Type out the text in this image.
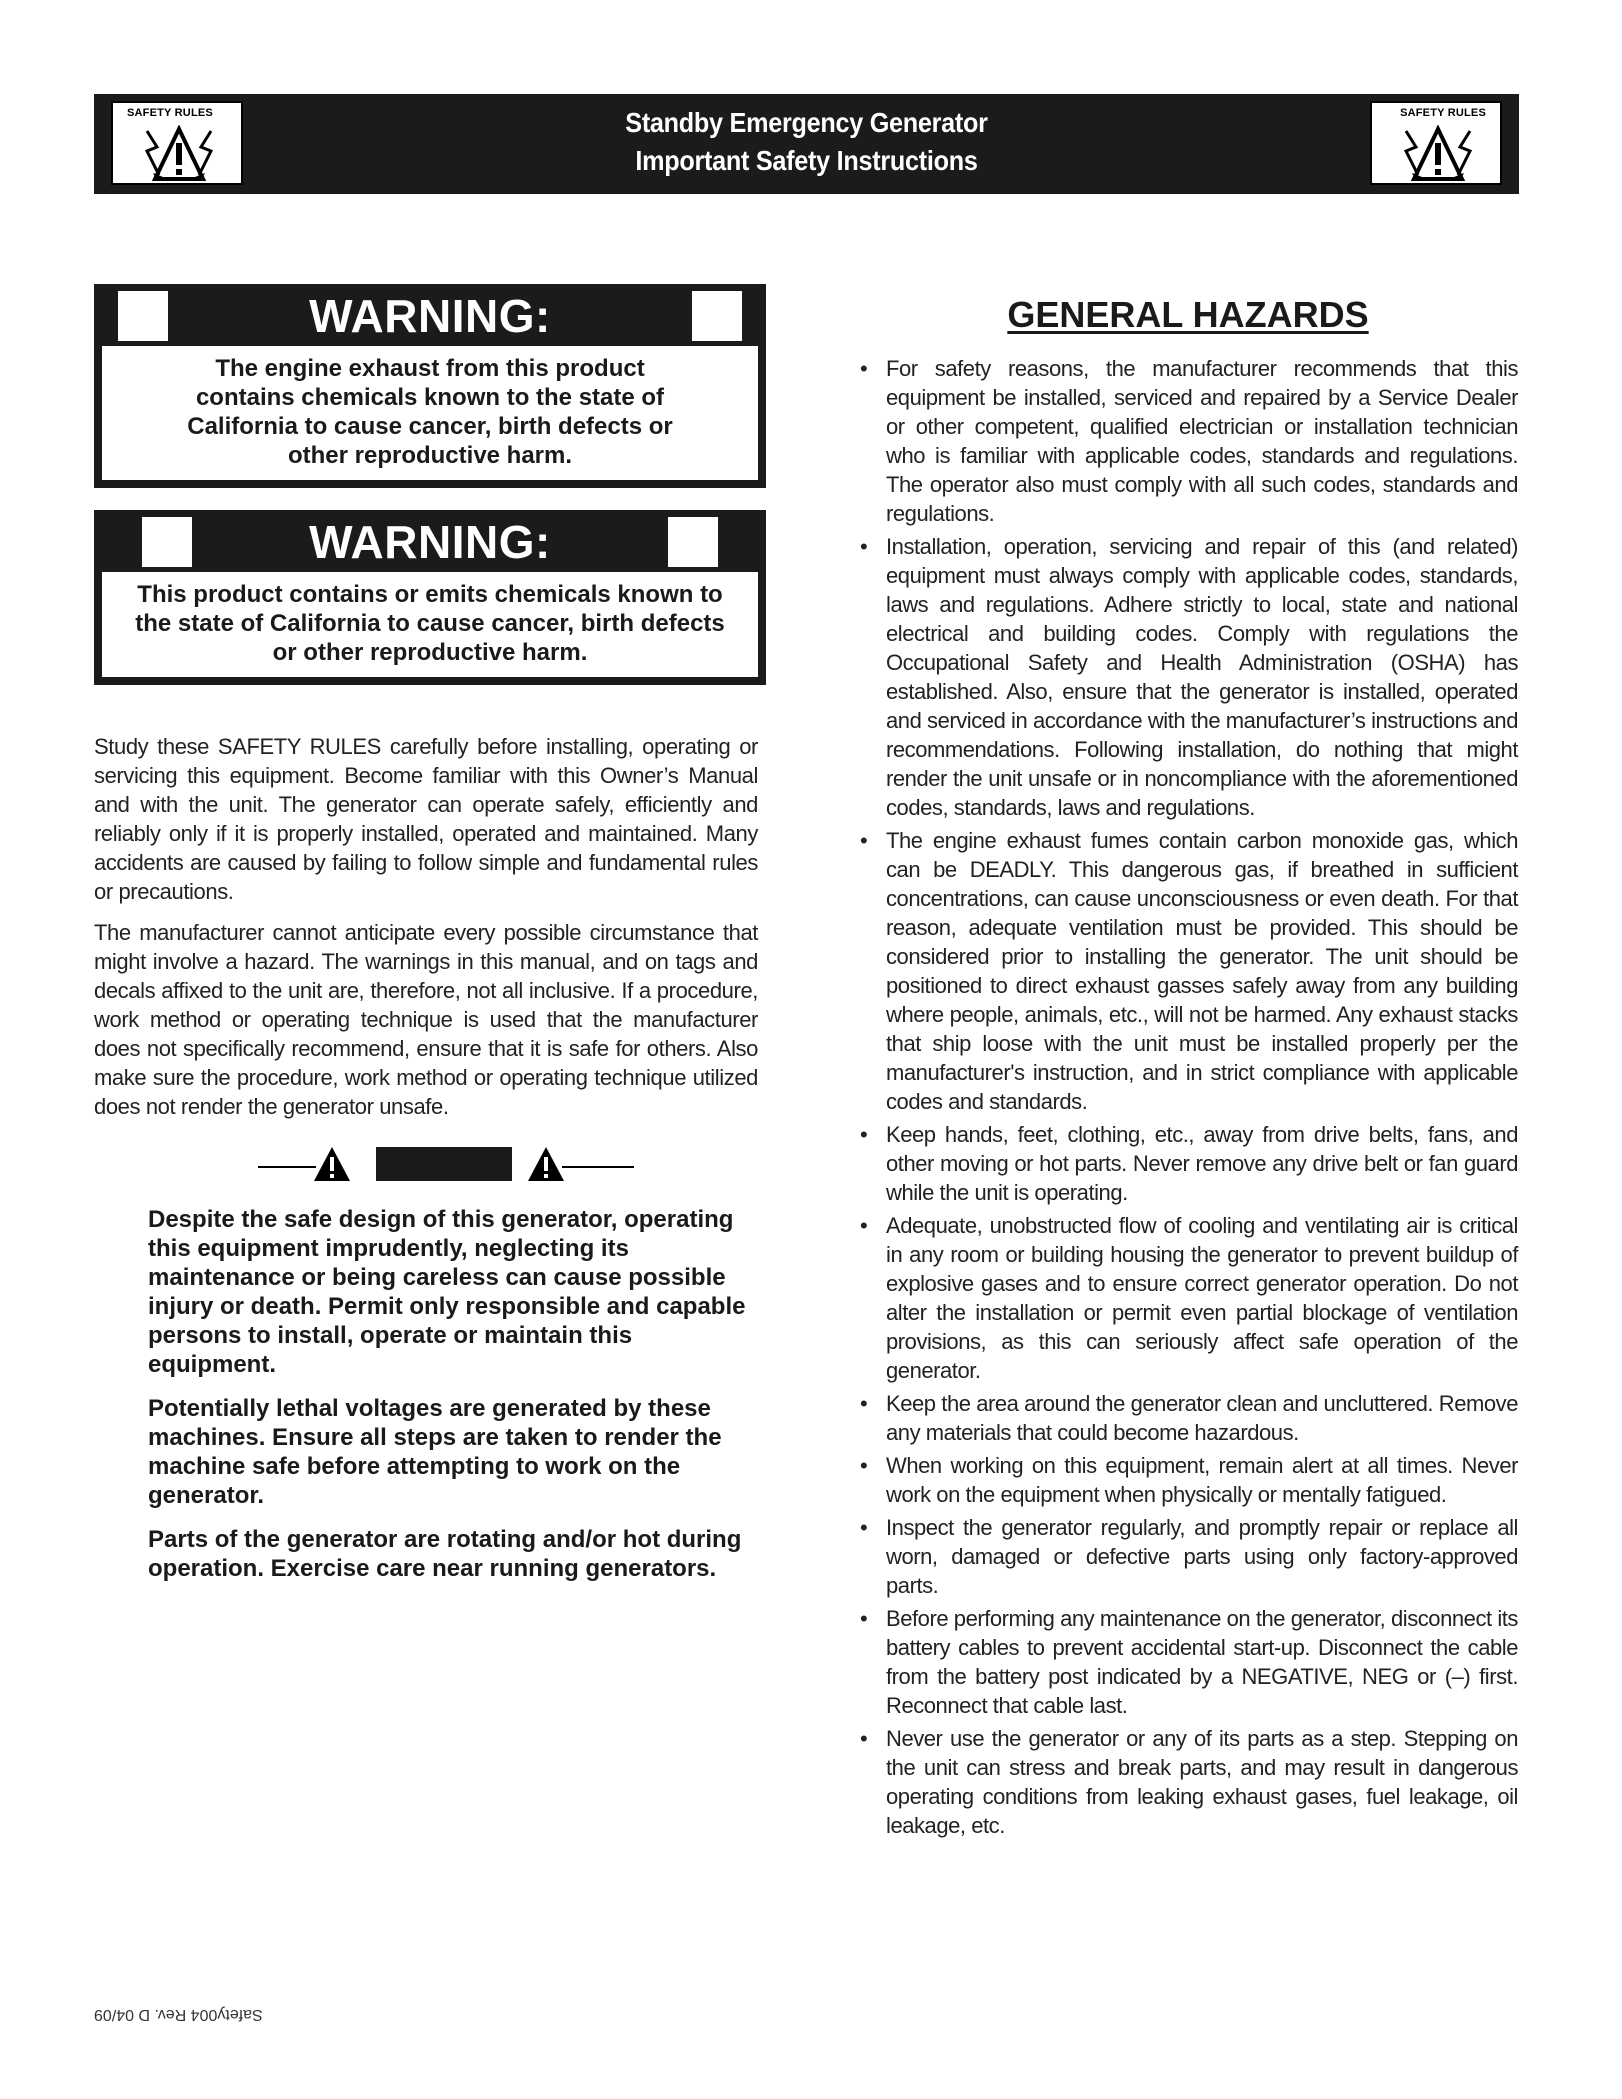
SAFETY RULES	Standby Emergency Generator
Important Safety Instructions
SAFETY RULES
WARNING:
The engine exhaust from this product contains chemicals known to the state of California to cause cancer, birth defects or other reproductive harm.
WARNING:
This product contains or emits chemicals known to the state of California to cause cancer, birth defects or other reproductive harm.

Study these SAFETY RULES carefully before installing, operating or servicing this equipment. Become familiar with this Owner’s Manual and with the unit. The generator can operate safely, efficiently and reliably only if it is properly installed, operated and maintained. Many accidents are caused by failing to follow simple and fundamental rules or precautions.

The manufacturer cannot anticipate every possible circumstance that might involve a hazard. The warnings in this manual, and on tags and decals affixed to the unit are, therefore, not all inclusive. If a procedure, work method or operating technique is used that the manufacturer does not specifically recommend, ensure that it is safe for others. Also make sure the procedure, work method or operating technique utilized does not render the generator unsafe.

Despite the safe design of this generator, operating this equipment imprudently, neglecting its maintenance or being careless can cause possible injury or death. Permit only responsible and capable persons to install, operate or maintain this equipment.

Potentially lethal voltages are generated by these machines. Ensure all steps are taken to render the machine safe before attempting to work on the generator.

Parts of the generator are rotating and/or hot during operation. Exercise care near running generators.

GENERAL HAZARDS
• For safety reasons, the manufacturer recommends that this equipment be installed, serviced and repaired by a Service Dealer or other competent, qualified electrician or installation technician who is familiar with applicable codes, standards and regulations. The operator also must comply with all such codes, standards and regulations.
• Installation, operation, servicing and repair of this (and related) equipment must always comply with applicable codes, standards, laws and regulations. Adhere strictly to local, state and national electrical and building codes. Comply with regulations the Occupational Safety and Health Administration (OSHA) has established. Also, ensure that the generator is installed, operated and serviced in accordance with the manufacturer’s instructions and recommendations. Following installation, do nothing that might render the unit unsafe or in noncompliance with the aforementioned codes, standards, laws and regulations.
• The engine exhaust fumes contain carbon monoxide gas, which can be DEADLY. This dangerous gas, if breathed in sufficient concentrations, can cause unconsciousness or even death. For that reason, adequate ventilation must be provided. This should be considered prior to installing the generator. The unit should be positioned to direct exhaust gasses safely away from any building where people, animals, etc., will not be harmed. Any exhaust stacks that ship loose with the unit must be installed properly per the manufacturer's instruction, and in strict compliance with applicable codes and standards.
• Keep hands, feet, clothing, etc., away from drive belts, fans, and other moving or hot parts. Never remove any drive belt or fan guard while the unit is operating.
• Adequate, unobstructed flow of cooling and ventilating air is critical in any room or building housing the generator to prevent buildup of explosive gases and to ensure correct generator operation. Do not alter the installation or permit even partial blockage of ventilation provisions, as this can seriously affect safe operation of the generator.
• Keep the area around the generator clean and uncluttered. Remove any materials that could become hazardous.
• When working on this equipment, remain alert at all times. Never work on the equipment when physically or mentally fatigued.
• Inspect the generator regularly, and promptly repair or replace all worn, damaged or defective parts using only factory-approved parts.
• Before performing any maintenance on the generator, disconnect its battery cables to prevent accidental start-up. Disconnect the cable from the battery post indicated by a NEGATIVE, NEG or (–) first. Reconnect that cable last.
• Never use the generator or any of its parts as a step. Stepping on the unit can stress and break parts, and may result in dangerous operating conditions from leaking exhaust gases, fuel leakage, oil leakage, etc.
Safety004 Rev. D 04/09
